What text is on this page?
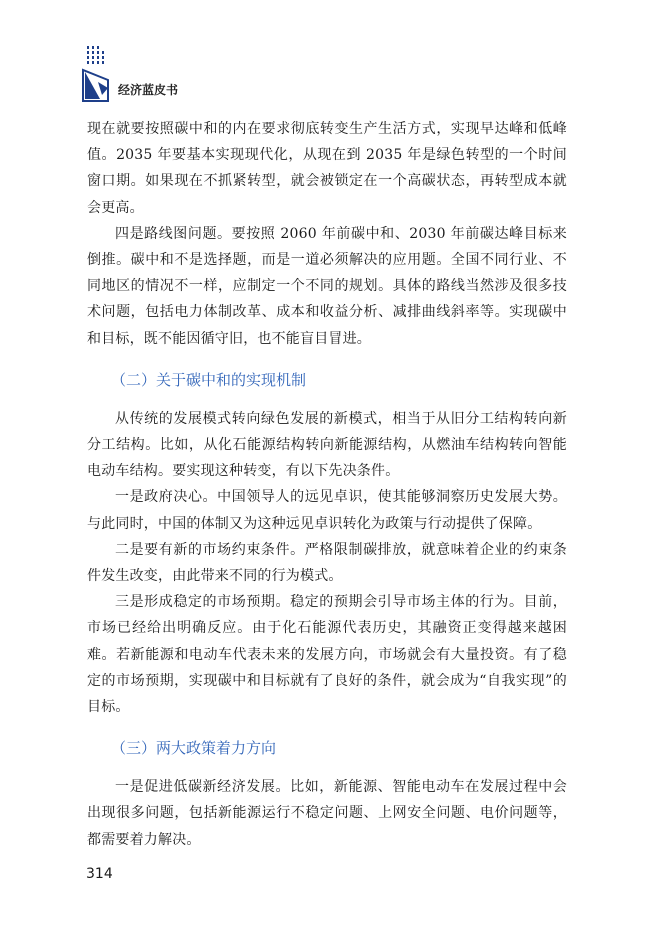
经济蓝皮书

现在就要按照碳中和的内在要求彻底转变生产生活方式，实现早达峰和低峰值。2035 年要基本实现现代化，从现在到 2035 年是绿色转型的一个时间窗口期。如果现在不抓紧转型，就会被锁定在一个高碳状态，再转型成本就会更高。

四是路线图问题。要按照 2060 年前碳中和、2030 年前碳达峰目标来倒推。碳中和不是选择题，而是一道必须解决的应用题。全国不同行业、不同地区的情况不一样，应制定一个不同的规划。具体的路线当然涉及很多技术问题，包括电力体制改革、成本和收益分析、减排曲线斜率等。实现碳中和目标，既不能因循守旧，也不能盲目冒进。

（二）关于碳中和的实现机制

从传统的发展模式转向绿色发展的新模式，相当于从旧分工结构转向新分工结构。比如，从化石能源结构转向新能源结构，从燃油车结构转向智能电动车结构。要实现这种转变，有以下先决条件。

一是政府决心。中国领导人的远见卓识，使其能够洞察历史发展大势。与此同时，中国的体制又为这种远见卓识转化为政策与行动提供了保障。

二是要有新的市场约束条件。严格限制碳排放，就意味着企业的约束条件发生改变，由此带来不同的行为模式。

三是形成稳定的市场预期。稳定的预期会引导市场主体的行为。目前，市场已经给出明确反应。由于化石能源代表历史，其融资正变得越来越困难。若新能源和电动车代表未来的发展方向，市场就会有大量投资。有了稳定的市场预期，实现碳中和目标就有了良好的条件，就会成为“自我实现”的目标。

（三）两大政策着力方向

一是促进低碳新经济发展。比如，新能源、智能电动车在发展过程中会出现很多问题，包括新能源运行不稳定问题、上网安全问题、电价问题等，都需要着力解决。

314
